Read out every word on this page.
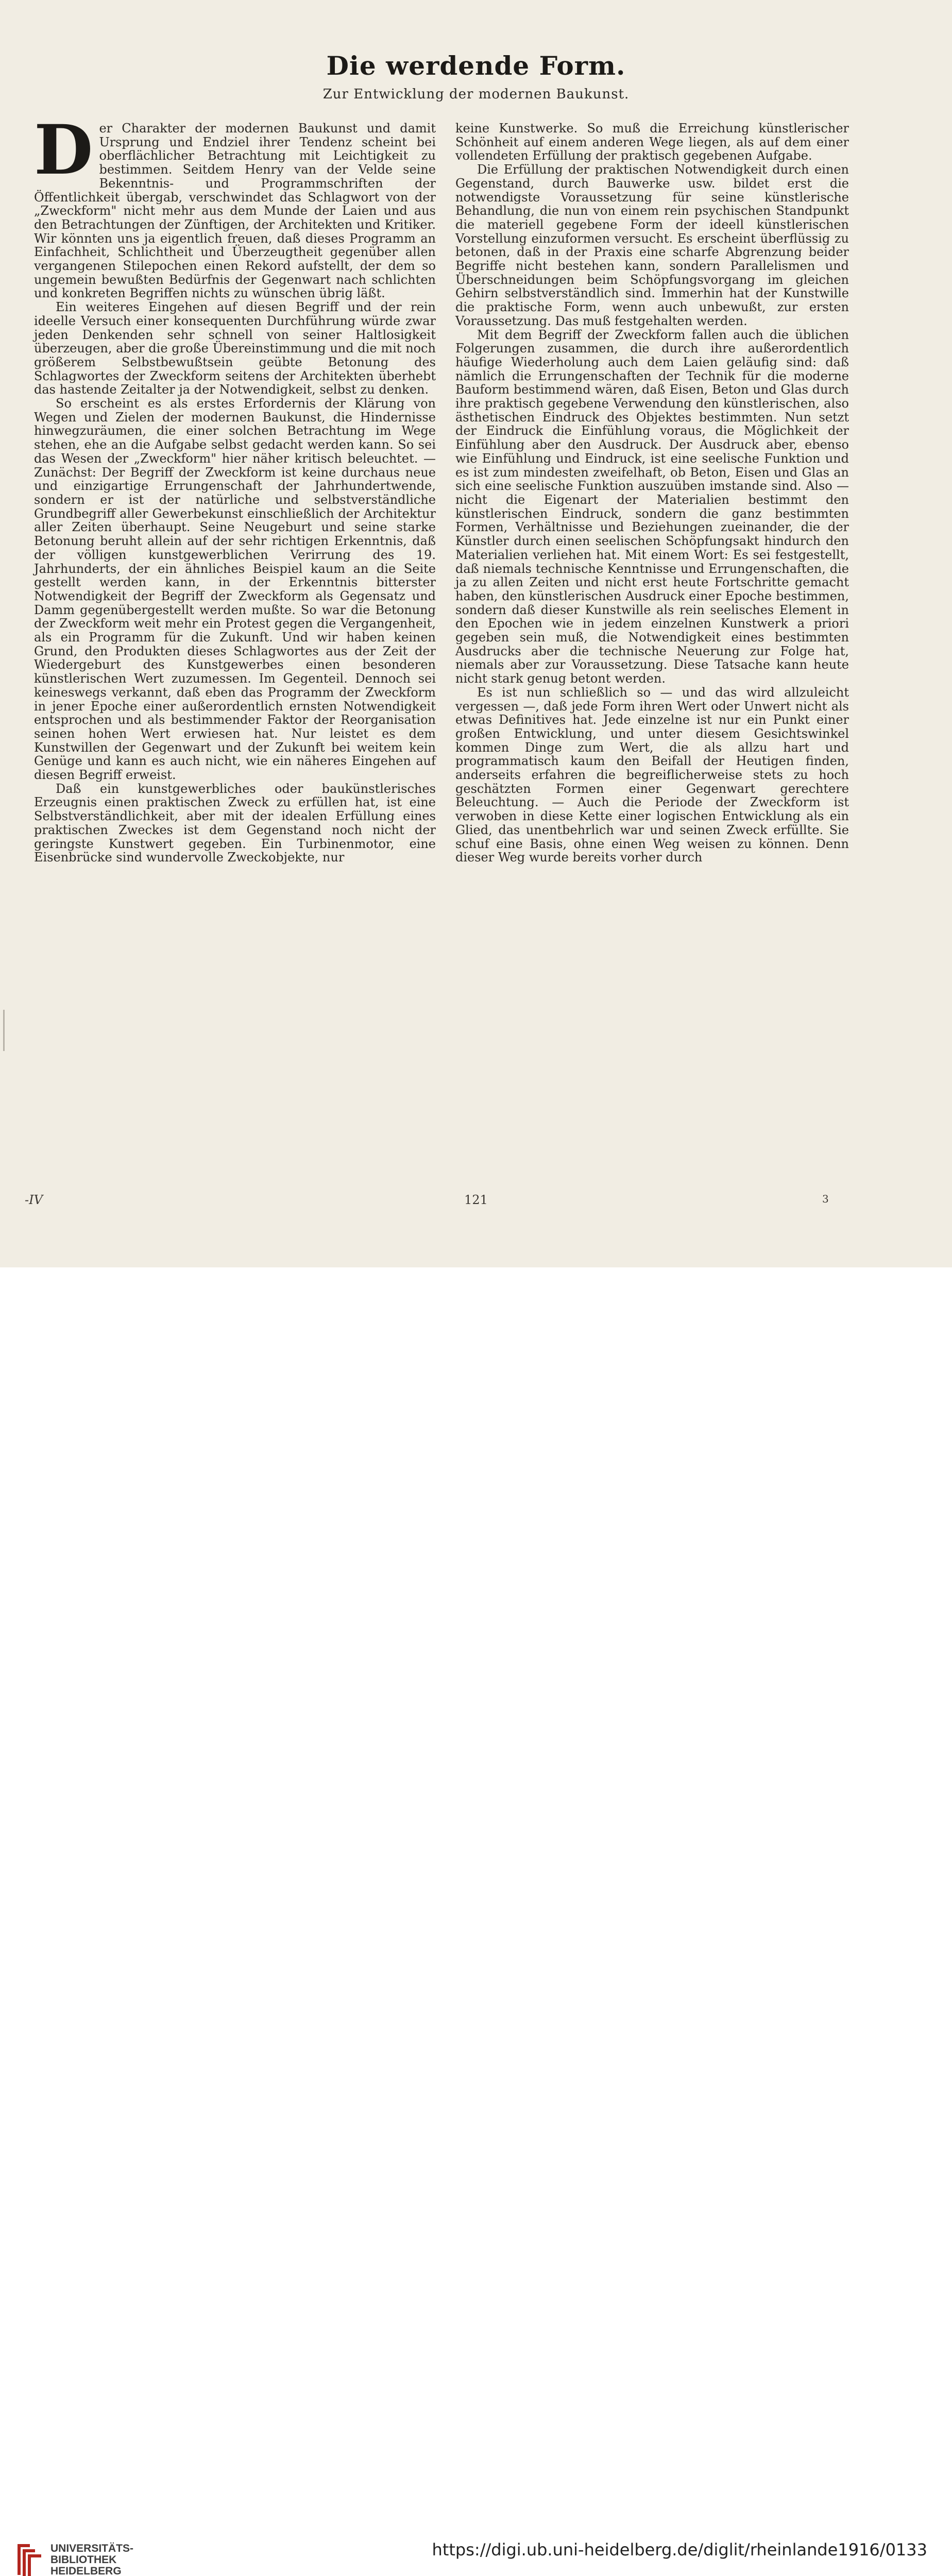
Die werdende Form.
Zur Entwicklung der modernen Baukunst.

Der Charakter der modernen Baukunst und damit Ursprung und Endziel ihrer Tendenz scheint bei oberflächlicher Betrachtung mit Leichtigkeit zu bestimmen. Seitdem Henry van der Velde seine Bekenntnis- und Programmschriften der Öffentlichkeit übergab, verschwindet das Schlagwort von der „Zweckform" nicht mehr aus dem Munde der Laien und aus den Betrachtungen der Zünftigen, der Architekten und Kritiker. Wir könnten uns ja eigentlich freuen, daß dieses Programm an Einfachheit, Schlichtheit und Überzeugtheit gegenüber allen vergangenen Stilepochen einen Rekord aufstellt, der dem so ungemein bewußten Bedürfnis der Gegenwart nach schlichten und konkreten Begriffen nichts zu wünschen übrig läßt.

Ein weiteres Eingehen auf diesen Begriff und der rein ideelle Versuch einer konsequenten Durchführung würde zwar jeden Denkenden sehr schnell von seiner Haltlosigkeit überzeugen, aber die große Übereinstimmung und die mit noch größerem Selbstbewußtsein geübte Betonung des Schlagwortes der Zweckform seitens der Architekten überhebt das hastende Zeitalter ja der Notwendigkeit, selbst zu denken.

So erscheint es als erstes Erfordernis der Klärung von Wegen und Zielen der modernen Baukunst, die Hindernisse hinwegzuräumen, die einer solchen Betrachtung im Wege stehen, ehe an die Aufgabe selbst gedacht werden kann. So sei das Wesen der „Zweckform" hier näher kritisch beleuchtet. — Zunächst: Der Begriff der Zweckform ist keine durchaus neue und einzigartige Errungenschaft der Jahrhundertwende, sondern er ist der natürliche und selbstverständliche Grundbegriff aller Gewerbekunst einschließlich der Architektur aller Zeiten überhaupt. Seine Neugeburt und seine starke Betonung beruht allein auf der sehr richtigen Erkenntnis, daß der völligen kunstgewerblichen Verirrung des 19. Jahrhunderts, der ein ähnliches Beispiel kaum an die Seite gestellt werden kann, in der Erkenntnis bitterster Notwendigkeit der Begriff der Zweckform als Gegensatz und Damm gegenübergestellt werden mußte. So war die Betonung der Zweckform weit mehr ein Protest gegen die Vergangenheit, als ein Programm für die Zukunft. Und wir haben keinen Grund, den Produkten dieses Schlagwortes aus der Zeit der Wiedergeburt des Kunstgewerbes einen besonderen künstlerischen Wert zuzumessen. Im Gegenteil. Dennoch sei keineswegs verkannt, daß eben das Programm der Zweckform in jener Epoche einer außerordentlich ernsten Notwendigkeit entsprochen und als bestimmender Faktor der Reorganisation seinen hohen Wert erwiesen hat. Nur leistet es dem Kunstwillen der Gegenwart und der Zukunft bei weitem kein Genüge und kann es auch nicht, wie ein näheres Eingehen auf diesen Begriff erweist.

Daß ein kunstgewerbliches oder baukünstlerisches Erzeugnis einen praktischen Zweck zu erfüllen hat, ist eine Selbstverständlichkeit, aber mit der idealen Erfüllung eines praktischen Zweckes ist dem Gegenstand noch nicht der geringste Kunstwert gegeben. Ein Turbinenmotor, eine Eisenbrücke sind wundervolle Zweckobjekte, nur

keine Kunstwerke. So muß die Erreichung künstlerischer Schönheit auf einem anderen Wege liegen, als auf dem einer vollendeten Erfüllung der praktisch gegebenen Aufgabe.

Die Erfüllung der praktischen Notwendigkeit durch einen Gegenstand, durch Bauwerke usw. bildet erst die notwendigste Voraussetzung für seine künstlerische Behandlung, die nun von einem rein psychischen Standpunkt die materiell gegebene Form der ideell künstlerischen Vorstellung einzuformen versucht. Es erscheint überflüssig zu betonen, daß in der Praxis eine scharfe Abgrenzung beider Begriffe nicht bestehen kann, sondern Parallelismen und Überschneidungen beim Schöpfungsvorgang im gleichen Gehirn selbstverständlich sind. Immerhin hat der Kunstwille die praktische Form, wenn auch unbewußt, zur ersten Voraussetzung. Das muß festgehalten werden.

Mit dem Begriff der Zweckform fallen auch die üblichen Folgerungen zusammen, die durch ihre außerordentlich häufige Wiederholung auch dem Laien geläufig sind: daß nämlich die Errungenschaften der Technik für die moderne Bauform bestimmend wären, daß Eisen, Beton und Glas durch ihre praktisch gegebene Verwendung den künstlerischen, also ästhetischen Eindruck des Objektes bestimmten. Nun setzt der Eindruck die Einfühlung voraus, die Möglichkeit der Einfühlung aber den Ausdruck. Der Ausdruck aber, ebenso wie Einfühlung und Eindruck, ist eine seelische Funktion und es ist zum mindesten zweifelhaft, ob Beton, Eisen und Glas an sich eine seelische Funktion auszuüben imstande sind. Also — nicht die Eigenart der Materialien bestimmt den künstlerischen Eindruck, sondern die ganz bestimmten Formen, Verhältnisse und Beziehungen zueinander, die der Künstler durch einen seelischen Schöpfungsakt hindurch den Materialien verliehen hat. Mit einem Wort: Es sei festgestellt, daß niemals technische Kenntnisse und Errungenschaften, die ja zu allen Zeiten und nicht erst heute Fortschritte gemacht haben, den künstlerischen Ausdruck einer Epoche bestimmen, sondern daß dieser Kunstwille als rein seelisches Element in den Epochen wie in jedem einzelnen Kunstwerk a priori gegeben sein muß, die Notwendigkeit eines bestimmten Ausdrucks aber die technische Neuerung zur Folge hat, niemals aber zur Voraussetzung. Diese Tatsache kann heute nicht stark genug betont werden.

Es ist nun schließlich so — und das wird allzuleicht vergessen —, daß jede Form ihren Wert oder Unwert nicht als etwas Definitives hat. Jede einzelne ist nur ein Punkt einer großen Entwicklung, und unter diesem Gesichtswinkel kommen Dinge zum Wert, die als allzu hart und programmatisch kaum den Beifall der Heutigen finden, anderseits erfahren die begreiflicherweise stets zu hoch geschätzten Formen einer Gegenwart gerechtere Beleuchtung. — Auch die Periode der Zweckform ist verwoben in diese Kette einer logischen Entwicklung als ein Glied, das unentbehrlich war und seinen Zweck erfüllte. Sie schuf eine Basis, ohne einen Weg weisen zu können. Denn dieser Weg wurde bereits vorher durch

-IV	121	3
UNIVERSITÄTS-
BIBLIOTHEK
HEIDELBERG
https://digi.ub.uni-heidelberg.de/diglit/rheinlande1916/0133
